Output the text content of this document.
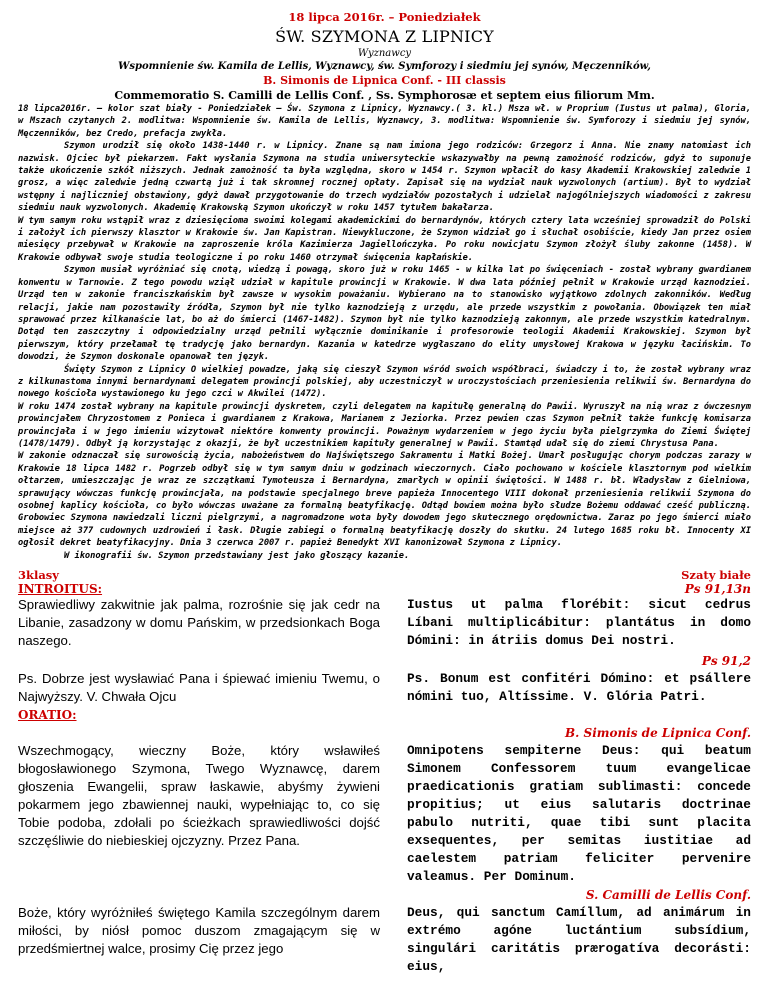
18 lipca 2016r. – Poniedziałek
ŚW. SZYMONA Z LIPNICY
Wyznawcy
Wspomnienie św. Kamila de Lellis, Wyznawcy, św. Symforozy i siedmiu jej synów, Męczenników,
B. Simonis de Lipnica Conf. - III classis
Commemoratio S. Camilli de Lellis Conf. , Ss. Symphorosæ et septem eius filiorum Mm.

18 lipca2016r. – kolor szat biały - Poniedziałek – Św. Szymona z Lipnicy, Wyznawcy.( 3. kl.) Msza wł. w Proprium (Iustus ut palma), Gloria, w Mszach czytanych 2. modlitwa: Wspomnienie św. Kamila de Lellis, Wyznawcy, 3. modlitwa: Wspomnienie św. Symforozy i siedmiu jej synów, Męczenników, bez Credo, prefacja zwykła.

Szymon urodził się około 1438-1440 r. w Lipnicy. Znane są nam imiona jego rodziców: Grzegorz i Anna. Nie znamy natomiast ich nazwisk. Ojciec był piekarzem. Fakt wysłania Szymona na studia uniwersyteckie wskazywałby na pewną zamożność rodziców, gdyż to suponuje także ukończenie szkół niższych. Jednak zamożność ta była względna, skoro w 1454 r. Szymon wpłacił do kasy Akademii Krakowskiej zaledwie 1 grosz, a więc zaledwie jedną czwartą już i tak skromnej rocznej opłaty. Zapisał się na wydział nauk wyzwolonych (artium). Był to wydział wstępny i najliczniej obstawiony, gdyż dawał przygotowanie do trzech wydziałów pozostałych i udzielał najogólniejszych wiadomości z zakresu siedmiu nauk wyzwolonych. Akademię Krakowską Szymon ukończył w roku 1457 tytułem bakałarza.

W tym samym roku wstąpił wraz z dziesięcioma swoimi kolegami akademickimi do bernardynów, których cztery lata wcześniej sprowadził do Polski i założył ich pierwszy klasztor w Krakowie św. Jan Kapistran. Niewykluczone, że Szymon widział go i słuchał osobiście, kiedy Jan przez osiem miesięcy przebywał w Krakowie na zaproszenie króla Kazimierza Jagiellończyka. Po roku nowicjatu Szymon złożył śluby zakonne (1458). W Krakowie odbywał swoje studia teologiczne i po roku 1460 otrzymał święcenia kapłańskie.

Szymon musiał wyróżniać się cnotą, wiedzą i powagą, skoro już w roku 1465 - w kilka lat po święceniach - został wybrany gwardianem konwentu w Tarnowie. Z tego powodu wziął udział w kapitule prowincji w Krakowie. W dwa lata później pełnił w Krakowie urząd kaznodziei. Urząd ten w zakonie franciszkańskim był zawsze w wysokim poważaniu. Wybierano na to stanowisko wyjątkowo zdolnych zakonników. Według relacji, jakie nam pozostawiły źródła, Szymon był nie tylko kaznodzieją z urzędu, ale przede wszystkim z powołania. Obowiązek ten miał sprawować przez kilkanaście lat, bo aż do śmierci (1467-1482). Szymon był nie tylko kaznodzieją zakonnym, ale przede wszystkim katedralnym. Dotąd ten zaszczytny i odpowiedzialny urząd pełnili wyłącznie dominikanie i profesorowie teologii Akademii Krakowskiej. Szymon był pierwszym, który przełamał tę tradycję jako bernardyn. Kazania w katedrze wygłaszano do elity umysłowej Krakowa w języku łacińskim. To dowodzi, że Szymon doskonale opanował ten język.

Święty Szymon z Lipnicy O wielkiej powadze, jaką się cieszył Szymon wśród swoich współbraci, świadczy i to, że został wybrany wraz z kilkunastoma innymi bernardynami delegatem prowincji polskiej, aby uczestniczył w uroczystościach przeniesienia relikwii św. Bernardyna do nowego kościoła wystawionego ku jego czci w Akwilei (1472).

W roku 1474 został wybrany na kapitule prowincji dyskretem, czyli delegatem na kapitułę generalną do Pawii. Wyruszył na nią wraz z ówczesnym prowincjałem Chryzostomem z Ponieca i gwardianem z Krakowa, Marianem z Jeziorka. Przez pewien czas Szymon pełnił także funkcję komisarza prowincjała i w jego imieniu wizytował niektóre konwenty prowincji. Poważnym wydarzeniem w jego życiu była pielgrzymka do Ziemi Świętej (1478/1479). Odbył ją korzystając z okazji, że był uczestnikiem kapituły generalnej w Pawii. Stamtąd udał się do ziemi Chrystusa Pana.

W zakonie odznaczał się surowością życia, nabożeństwem do Najświętszego Sakramentu i Matki Bożej. Umarł posługując chorym podczas zarazy w Krakowie 18 lipca 1482 r. Pogrzeb odbył się w tym samym dniu w godzinach wieczornych. Ciało pochowano w kościele klasztornym pod wielkim ołtarzem, umieszczając je wraz ze szczątkami Tymoteusza i Bernardyna, zmarłych w opinii świętości. W 1488 r. bł. Władysław z Gielniowa, sprawujący wówczas funkcję prowincjała, na podstawie specjalnego breve papieża Innocentego VIII dokonał przeniesienia relikwii Szymona do osobnej kaplicy kościoła, co było wówczas uważane za formalną beatyfikację. Odtąd bowiem można było słudze Bożemu oddawać cześć publiczną. Grobowiec Szymona nawiedzali liczni pielgrzymi, a nagromadzone wota były dowodem jego skutecznego orędownictwa. Zaraz po jego śmierci miało miejsce aż 377 cudownych uzdrowień i łask. Długie zabiegi o formalną beatyfikację doszły do skutku. 24 lutego 1685 roku bł. Innocenty XI ogłosił dekret beatyfikacyjny. Dnia 3 czerwca 2007 r. papież Benedykt XVI kanonizował Szymona z Lipnicy.

W ikonografii św. Szymon przedstawiany jest jako głoszący kazanie.

3klasy	Szaty białe
INTROITUS:	Ps 91,13n
Sprawiedliwy zakwitnie jak palma, rozrośnie się jak cedr na Libanie, zasadzony w domu Pańskim, w przedsionkach Boga naszego.
Iustus ut palma florébit: sicut cedrus Líbani multiplicábitur: plantátus in domo Dómini: in átriis domus Dei nostri.
Ps. Dobrze jest wysławiać Pana i śpiewać imieniu Twemu, o Najwyższy. V. Chwała Ojcu
ORATIO:
Ps 91,2
Ps. Bonum est confitéri Dómino: et psállere nómini tuo, Altíssime. V. Glória Patri.
Wszechmogący, wieczny Boże, który wsławiłeś błogosławionego Szymona, Twego Wyznawcę, darem głoszenia Ewangelii, spraw łaskawie, abyśmy żywieni pokarmem jego zbawiennej nauki, wypełniając to, co się Tobie podoba, zdołali po ścieżkach sprawiedliwości dojść szczęśliwie do niebieskiej ojczyzny. Przez Pana.
B. Simonis de Lipnica Conf.
Omnipotens sempiterne Deus: qui beatum Simonem Confessorem tuum evangelicae praedicationis gratiam sublimasti: concede propitius; ut eius salutaris doctrinae pabulo nutriti, quae tibi sunt placita exsequentes, per semitas iustitiae ad caelestem patriam feliciter pervenire valeamus. Per Dominum.
Boże, który wyróżniłeś świętego Kamila szczególnym darem miłości, by niósł pomoc duszom zmagającym się w przedśmiertnej walce, prosimy Cię przez jego
S. Camilli de Lellis Conf.
Deus, qui sanctum Camíllum, ad animárum in extrémo agóne luctántium subsídium, singulári caritátis prærogatíva decorásti: eius,
